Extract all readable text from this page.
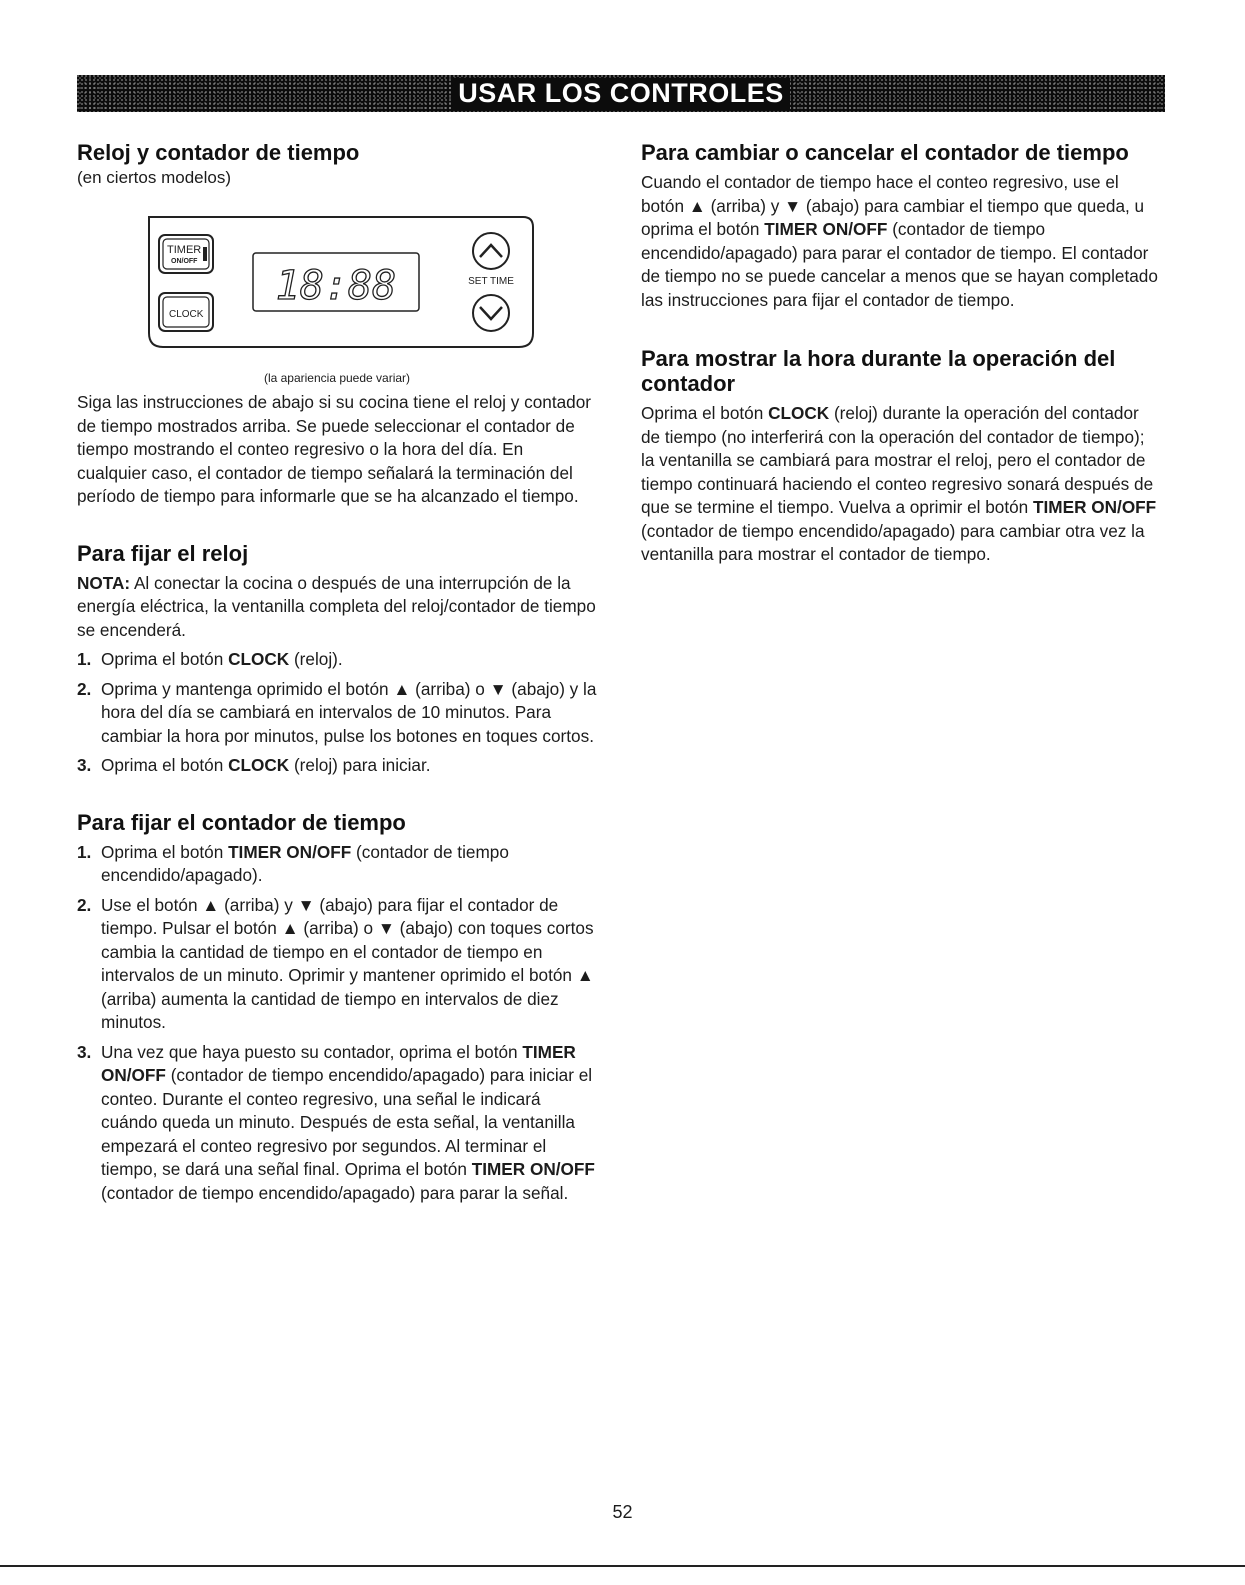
USAR LOS CONTROLES
Reloj y contador de tiempo
(en ciertos modelos)
TIMER
ON/OFF
CLOCK
18:88	SET TIME
(la apariencia puede variar)

Siga las instrucciones de abajo si su cocina tiene el reloj y contador de tiempo mostrados arriba. Se puede seleccionar el contador de tiempo mostrando el conteo regresivo o la hora del día. En cualquier caso, el contador de tiempo señalará la terminación del período de tiempo para informarle que se ha alcanzado el tiempo.

Para fijar el reloj

NOTA: Al conectar la cocina o después de una interrupción de la energía eléctrica, la ventanilla completa del reloj/contador de tiempo se encenderá.

1. Oprima el botón CLOCK (reloj).
2. Oprima y mantenga oprimido el botón ▲ (arriba) o ▼ (abajo) y la hora del día se cambiará en intervalos de 10 minutos. Para cambiar la hora por minutos, pulse los botones en toques cortos.
3. Oprima el botón CLOCK (reloj) para iniciar.
Para fijar el contador de tiempo
1. Oprima el botón TIMER ON/OFF (contador de tiempo encendido/apagado).
2. Use el botón ▲ (arriba) y ▼ (abajo) para fijar el contador de tiempo. Pulsar el botón ▲ (arriba) o ▼ (abajo) con toques cortos cambia la cantidad de tiempo en el contador de tiempo en intervalos de un minuto. Oprimir y mantener oprimido el botón ▲ (arriba) aumenta la cantidad de tiempo en intervalos de diez minutos.
3. Una vez que haya puesto su contador, oprima el botón TIMER ON/OFF (contador de tiempo encendido/apagado) para iniciar el conteo. Durante el conteo regresivo, una señal le indicará cuándo queda un minuto. Después de esta señal, la ventanilla empezará el conteo regresivo por segundos. Al terminar el tiempo, se dará una señal final. Oprima el botón TIMER ON/OFF (contador de tiempo encendido/apagado) para parar la señal.
Para cambiar o cancelar el contador de tiempo

Cuando el contador de tiempo hace el conteo regresivo, use el botón ▲ (arriba) y ▼ (abajo) para cambiar el tiempo que queda, u oprima el botón TIMER ON/OFF (contador de tiempo encendido/apagado) para parar el contador de tiempo. El contador de tiempo no se puede cancelar a menos que se hayan completado las instrucciones para fijar el contador de tiempo.

Para mostrar la hora durante la operación del contador

Oprima el botón CLOCK (reloj) durante la operación del contador de tiempo (no interferirá con la operación del contador de tiempo); la ventanilla se cambiará para mostrar el reloj, pero el contador de tiempo continuará haciendo el conteo regresivo sonará después de que se termine el tiempo. Vuelva a oprimir el botón TIMER ON/OFF (contador de tiempo encendido/apagado) para cambiar otra vez la ventanilla para mostrar el contador de tiempo.

52
